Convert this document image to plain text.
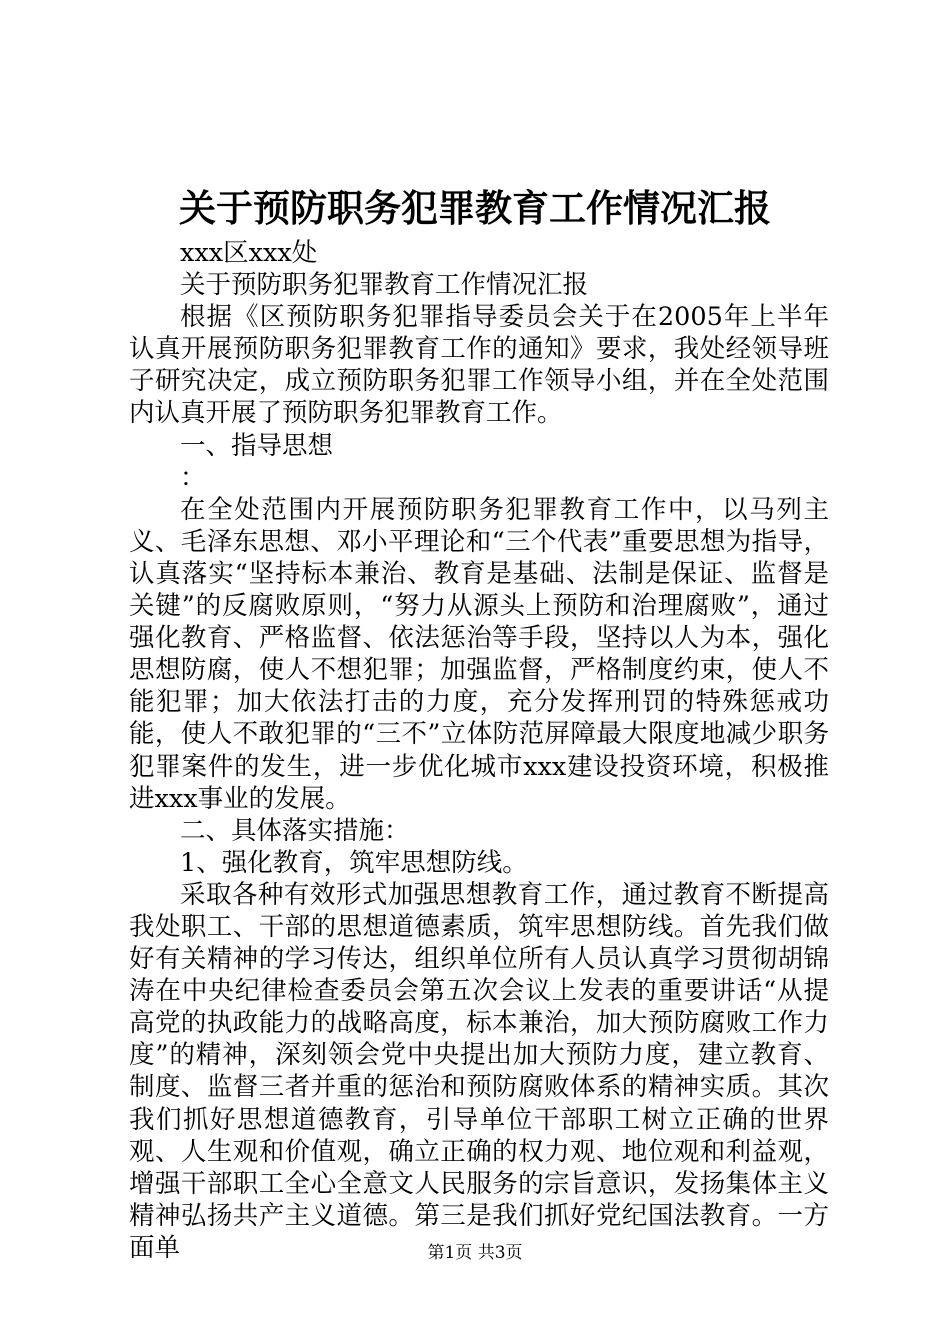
关于预防职务犯罪教育工作情况汇报

xxx区xxx处

关于预防职务犯罪教育工作情况汇报

根据《区预防职务犯罪指导委员会关于在2005年上半年认真开展预防职务犯罪教育工作的通知》要求，我处经领导班子研究决定，成立预防职务犯罪工作领导小组，并在全处范围内认真开展了预防职务犯罪教育工作。

一、指导思想

：

在全处范围内开展预防职务犯罪教育工作中，以马列主义、毛泽东思想、邓小平理论和“三个代表”重要思想为指导，认真落实“坚持标本兼治、教育是基础、法制是保证、监督是关键”的反腐败原则，“努力从源头上预防和治理腐败”，通过强化教育、严格监督、依法惩治等手段，坚持以人为本，强化思想防腐，使人不想犯罪；加强监督，严格制度约束，使人不能犯罪；加大依法打击的力度，充分发挥刑罚的特殊惩戒功能，使人不敢犯罪的“三不”立体防范屏障最大限度地减少职务犯罪案件的发生，进一步优化城市xxx建设投资环境，积极推进xxx事业的发展。

二、具体落实措施：

1、强化教育，筑牢思想防线。

采取各种有效形式加强思想教育工作，通过教育不断提高我处职工、干部的思想道德素质，筑牢思想防线。首先我们做好有关精神的学习传达，组织单位所有人员认真学习贯彻胡锦涛在中央纪律检查委员会第五次会议上发表的重要讲话“从提高党的执政能力的战略高度，标本兼治，加大预防腐败工作力度”的精神，深刻领会党中央提出加大预防力度，建立教育、制度、监督三者并重的惩治和预防腐败体系的精神实质。其次我们抓好思想道德教育，引导单位干部职工树立正确的世界观、人生观和价值观，确立正确的权力观、地位观和利益观，增强干部职工全心全意文人民服务的宗旨意识，发扬集体主义精神弘扬共产主义道德。第三是我们抓好党纪国法教育。一方面单	第1页 共3页
